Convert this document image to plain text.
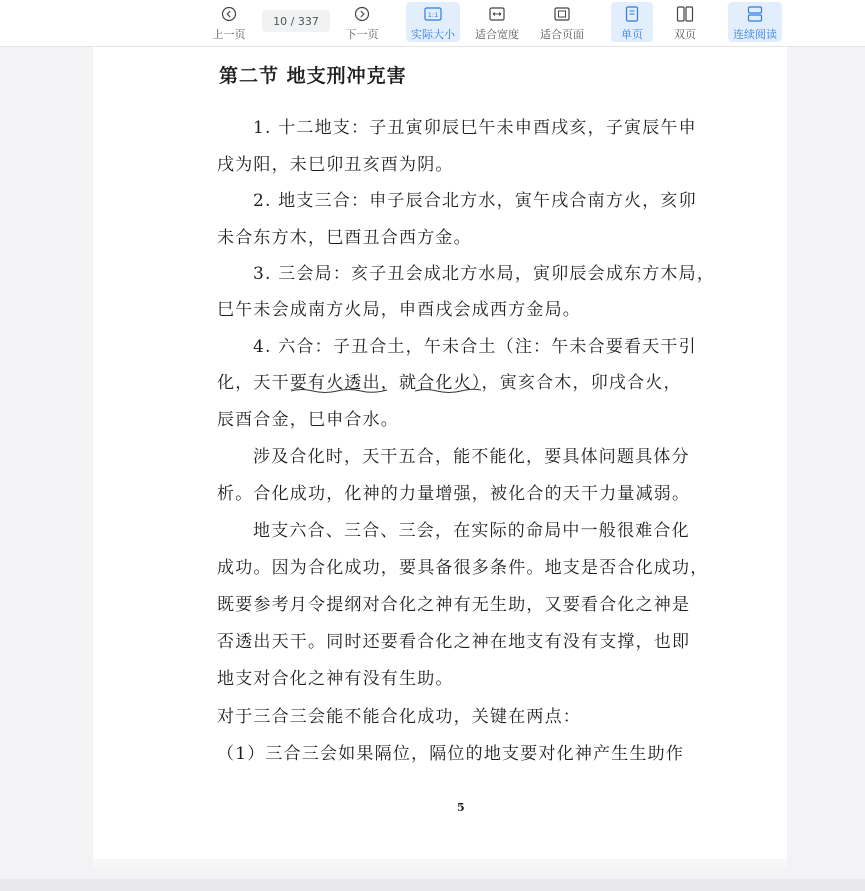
上一页
10 / 337
下一页
1:1
实际大小 适合宽度 适合页面	单页	双页	连续阅读
第二节 地支刑冲克害
1. 十二地支：子丑寅卯辰巳午未申酉戌亥，子寅辰午申
戌为阳，未巳卯丑亥酉为阴。
2. 地支三合：申子辰合北方水，寅午戌合南方火，亥卯
未合东方木，巳酉丑合西方金。
3. 三会局：亥子丑会成北方水局，寅卯辰会成东方木局，
巳午未会成南方火局，申酉戌会成西方金局。
4. 六合：子丑合土，午未合土（注：午未合要看天干引
化，天干要有火透出，就合化火），寅亥合木，卯戌合火，
辰酉合金，巳申合水。
涉及合化时，天干五合，能不能化，要具体问题具体分
析。合化成功，化神的力量增强，被化合的天干力量减弱。
地支六合、三合、三会，在实际的命局中一般很难合化
成功。因为合化成功，要具备很多条件。地支是否合化成功，
既要参考月令提纲对合化之神有无生助，又要看合化之神是
否透出天干。同时还要看合化之神在地支有没有支撑，也即
地支对合化之神有没有生助。
对于三合三会能不能合化成功，关键在两点：
（1）三合三会如果隔位，隔位的地支要对化神产生生助作
5
